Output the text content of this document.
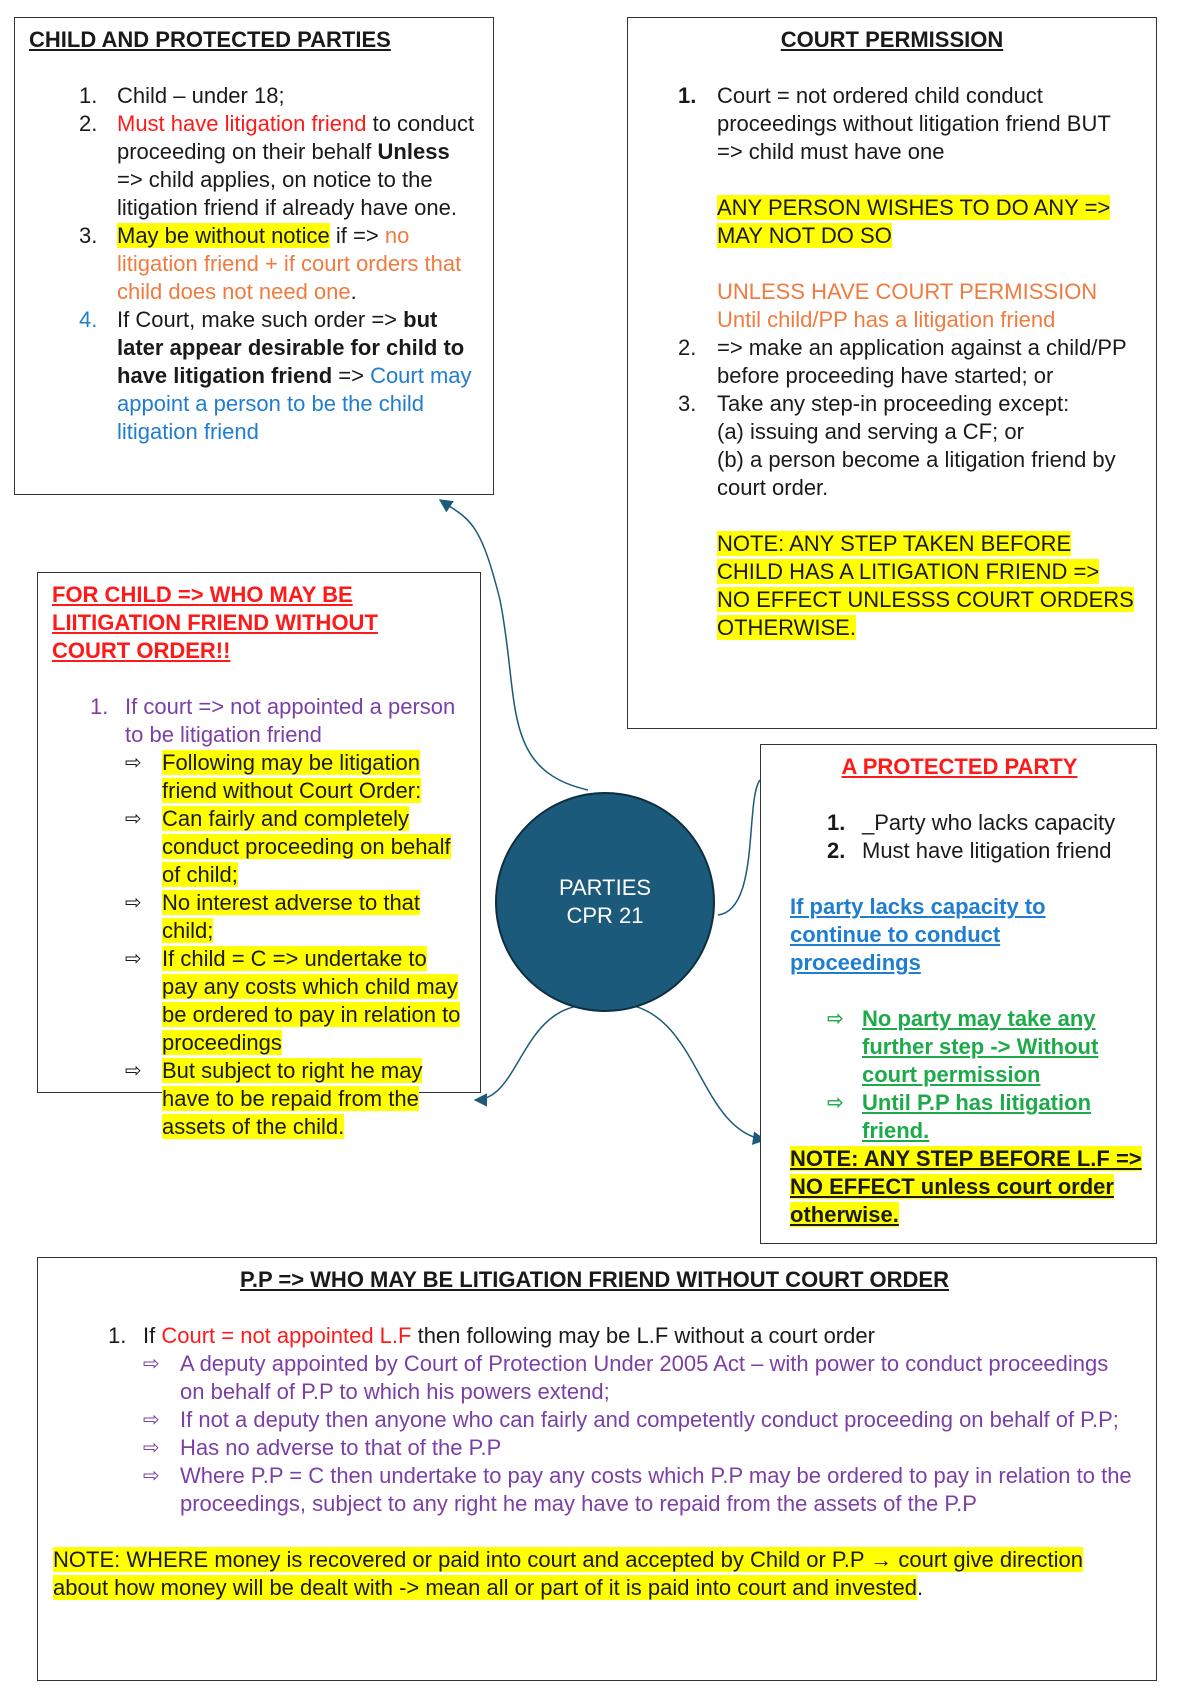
CHILD AND PROTECTED PARTIES
1. Child – under 18;
2. Must have litigation friend to conduct proceeding on their behalf Unless => child applies, on notice to the litigation friend if already have one.
3. May be without notice if => no litigation friend + if court orders that child does not need one.
4. If Court, make such order => but later appear desirable for child to have litigation friend => Court may appoint a person to be the child litigation friend
COURT PERMISSION
1. Court = not ordered child conduct proceedings without litigation friend BUT => child must have one
ANY PERSON WISHES TO DO ANY => MAY NOT DO SO
UNLESS HAVE COURT PERMISSION
Until child/PP has a litigation friend
2. => make an application against a child/PP before proceeding have started; or
3. Take any step-in proceeding except:
(a) issuing and serving a CF; or
(b) a person become a litigation friend by court order.
NOTE: ANY STEP TAKEN BEFORE CHILD HAS A LITIGATION FRIEND => NO EFFECT UNLESSS COURT ORDERS OTHERWISE.
FOR CHILD => WHO MAY BE LIITIGATION FRIEND WITHOUT COURT ORDER!!
1. If court => not appointed a person to be litigation friend
⇨ Following may be litigation friend without Court Order:
⇨ Can fairly and completely conduct proceeding on behalf of child;
⇨ No interest adverse to that child;
⇨ If child = C => undertake to pay any costs which child may be ordered to pay in relation to proceedings
⇨ But subject to right he may have to be repaid from the assets of the child.
PARTIES
CPR 21
A PROTECTED PARTY
1. _Party who lacks capacity
2. Must have litigation friend
If party lacks capacity to continue to conduct proceedings
⇨ No party may take any further step -> Without court permission
⇨ Until P.P has litigation friend.
NOTE: ANY STEP BEFORE L.F => NO EFFECT unless court order otherwise.
P.P => WHO MAY BE LITIGATION FRIEND WITHOUT COURT ORDER
1. If Court = not appointed L.F then following may be L.F without a court order
⇨ A deputy appointed by Court of Protection Under 2005 Act – with power to conduct proceedings on behalf of P.P to which his powers extend;
⇨ If not a deputy then anyone who can fairly and competently conduct proceeding on behalf of P.P;
⇨ Has no adverse to that of the P.P
⇨ Where P.P = C then undertake to pay any costs which P.P may be ordered to pay in relation to the proceedings, subject to any right he may have to repaid from the assets of the P.P
NOTE: WHERE money is recovered or paid into court and accepted by Child or P.P → court give direction about how money will be dealt with -> mean all or part of it is paid into court and invested.
